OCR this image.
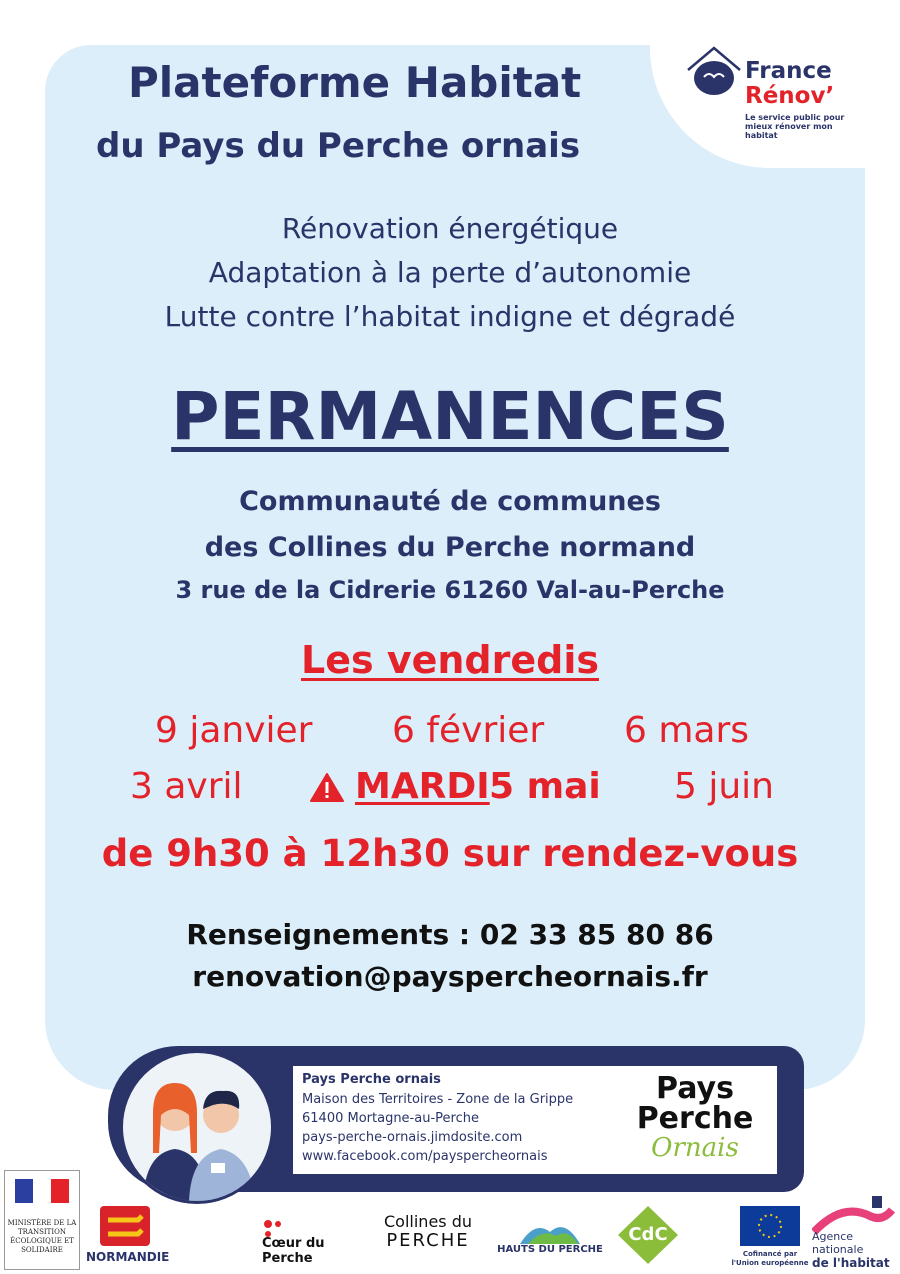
France
Rénov’
Le service public pour mieux rénover mon habitat
Plateforme Habitat
du Pays du Perche ornais
Rénovation énergétique
Adaptation à la perte d’autonomie
Lutte contre l’habitat indigne et dégradé
PERMANENCES
Communauté de communes
des Collines du Perche normand
3 rue de la Cidrerie 61260 Val-au-Perche
Les vendredis
9 janvier 6 février 6 mars
3 avril	MARDI 5 mai 5 juin
de 9h30 à 12h30 sur rendez-vous
Renseignements : 02 33 85 80 86
renovation@payspercheornais.fr
Pays Perche ornais
Maison des Territoires - Zone de la Grippe
61400 Mortagne-au-Perche
pays-perche-ornais.jimdosite.com
www.facebook.com/payspercheornais
Pays
Perche
Ornais
MINISTÈRE DE LA TRANSITION ÉCOLOGIQUE ET SOLIDAIRE	NORMANDIE
Cœur du Perche
Collines du
PERCHE	HAUTS DU PERCHE
CdC
Cofinancé par l'Union européenne
Agence
nationale
de l'habitat
